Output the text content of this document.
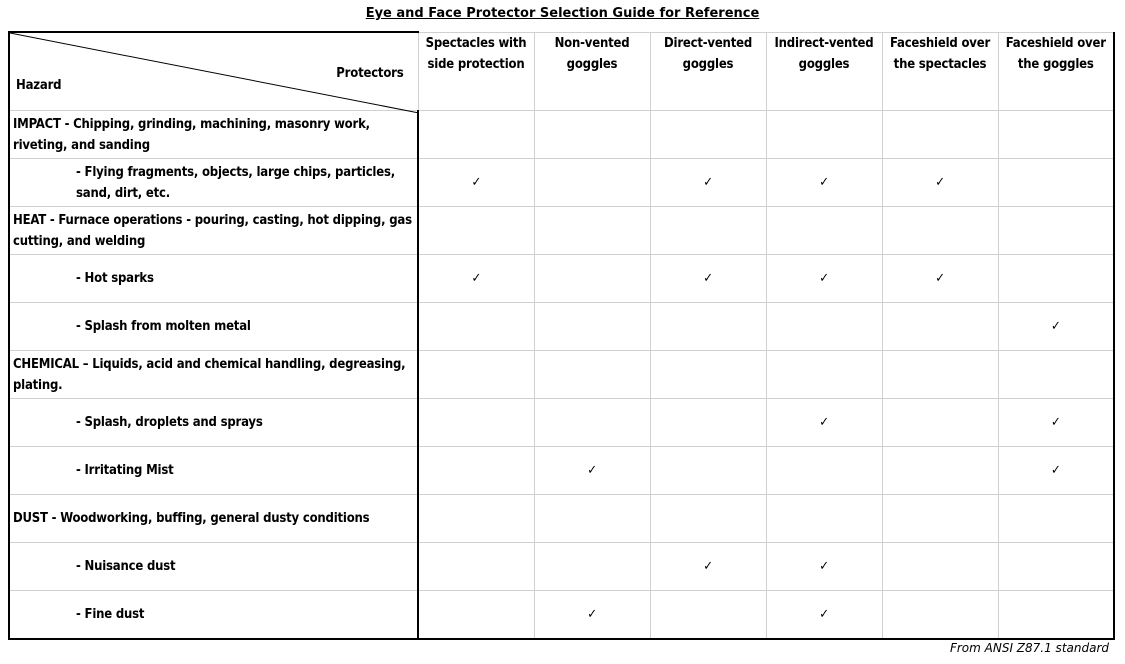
Eye and Face Protector Selection Guide for Reference
Protectors
Hazard	Spectacles with side protection	Non-vented goggles	Direct-vented goggles	Indirect-vented goggles	Faceshield over the spectacles	Faceshield over the goggles
IMPACT - Chipping, grinding, machining, masonry work, riveting, and sanding						
- Flying fragments, objects, large chips, particles, sand, dirt, etc.	✓		✓	✓	✓	
HEAT - Furnace operations - pouring, casting, hot dipping, gas cutting, and welding						
- Hot sparks	✓		✓	✓	✓	
- Splash from molten metal						✓
CHEMICAL – Liquids, acid and chemical handling, degreasing, plating.						
- Splash, droplets and sprays				✓		✓
- Irritating Mist		✓				✓
DUST - Woodworking, buffing, general dusty conditions						
- Nuisance dust			✓	✓		
- Fine dust		✓		✓		
From ANSI Z87.1 standard
